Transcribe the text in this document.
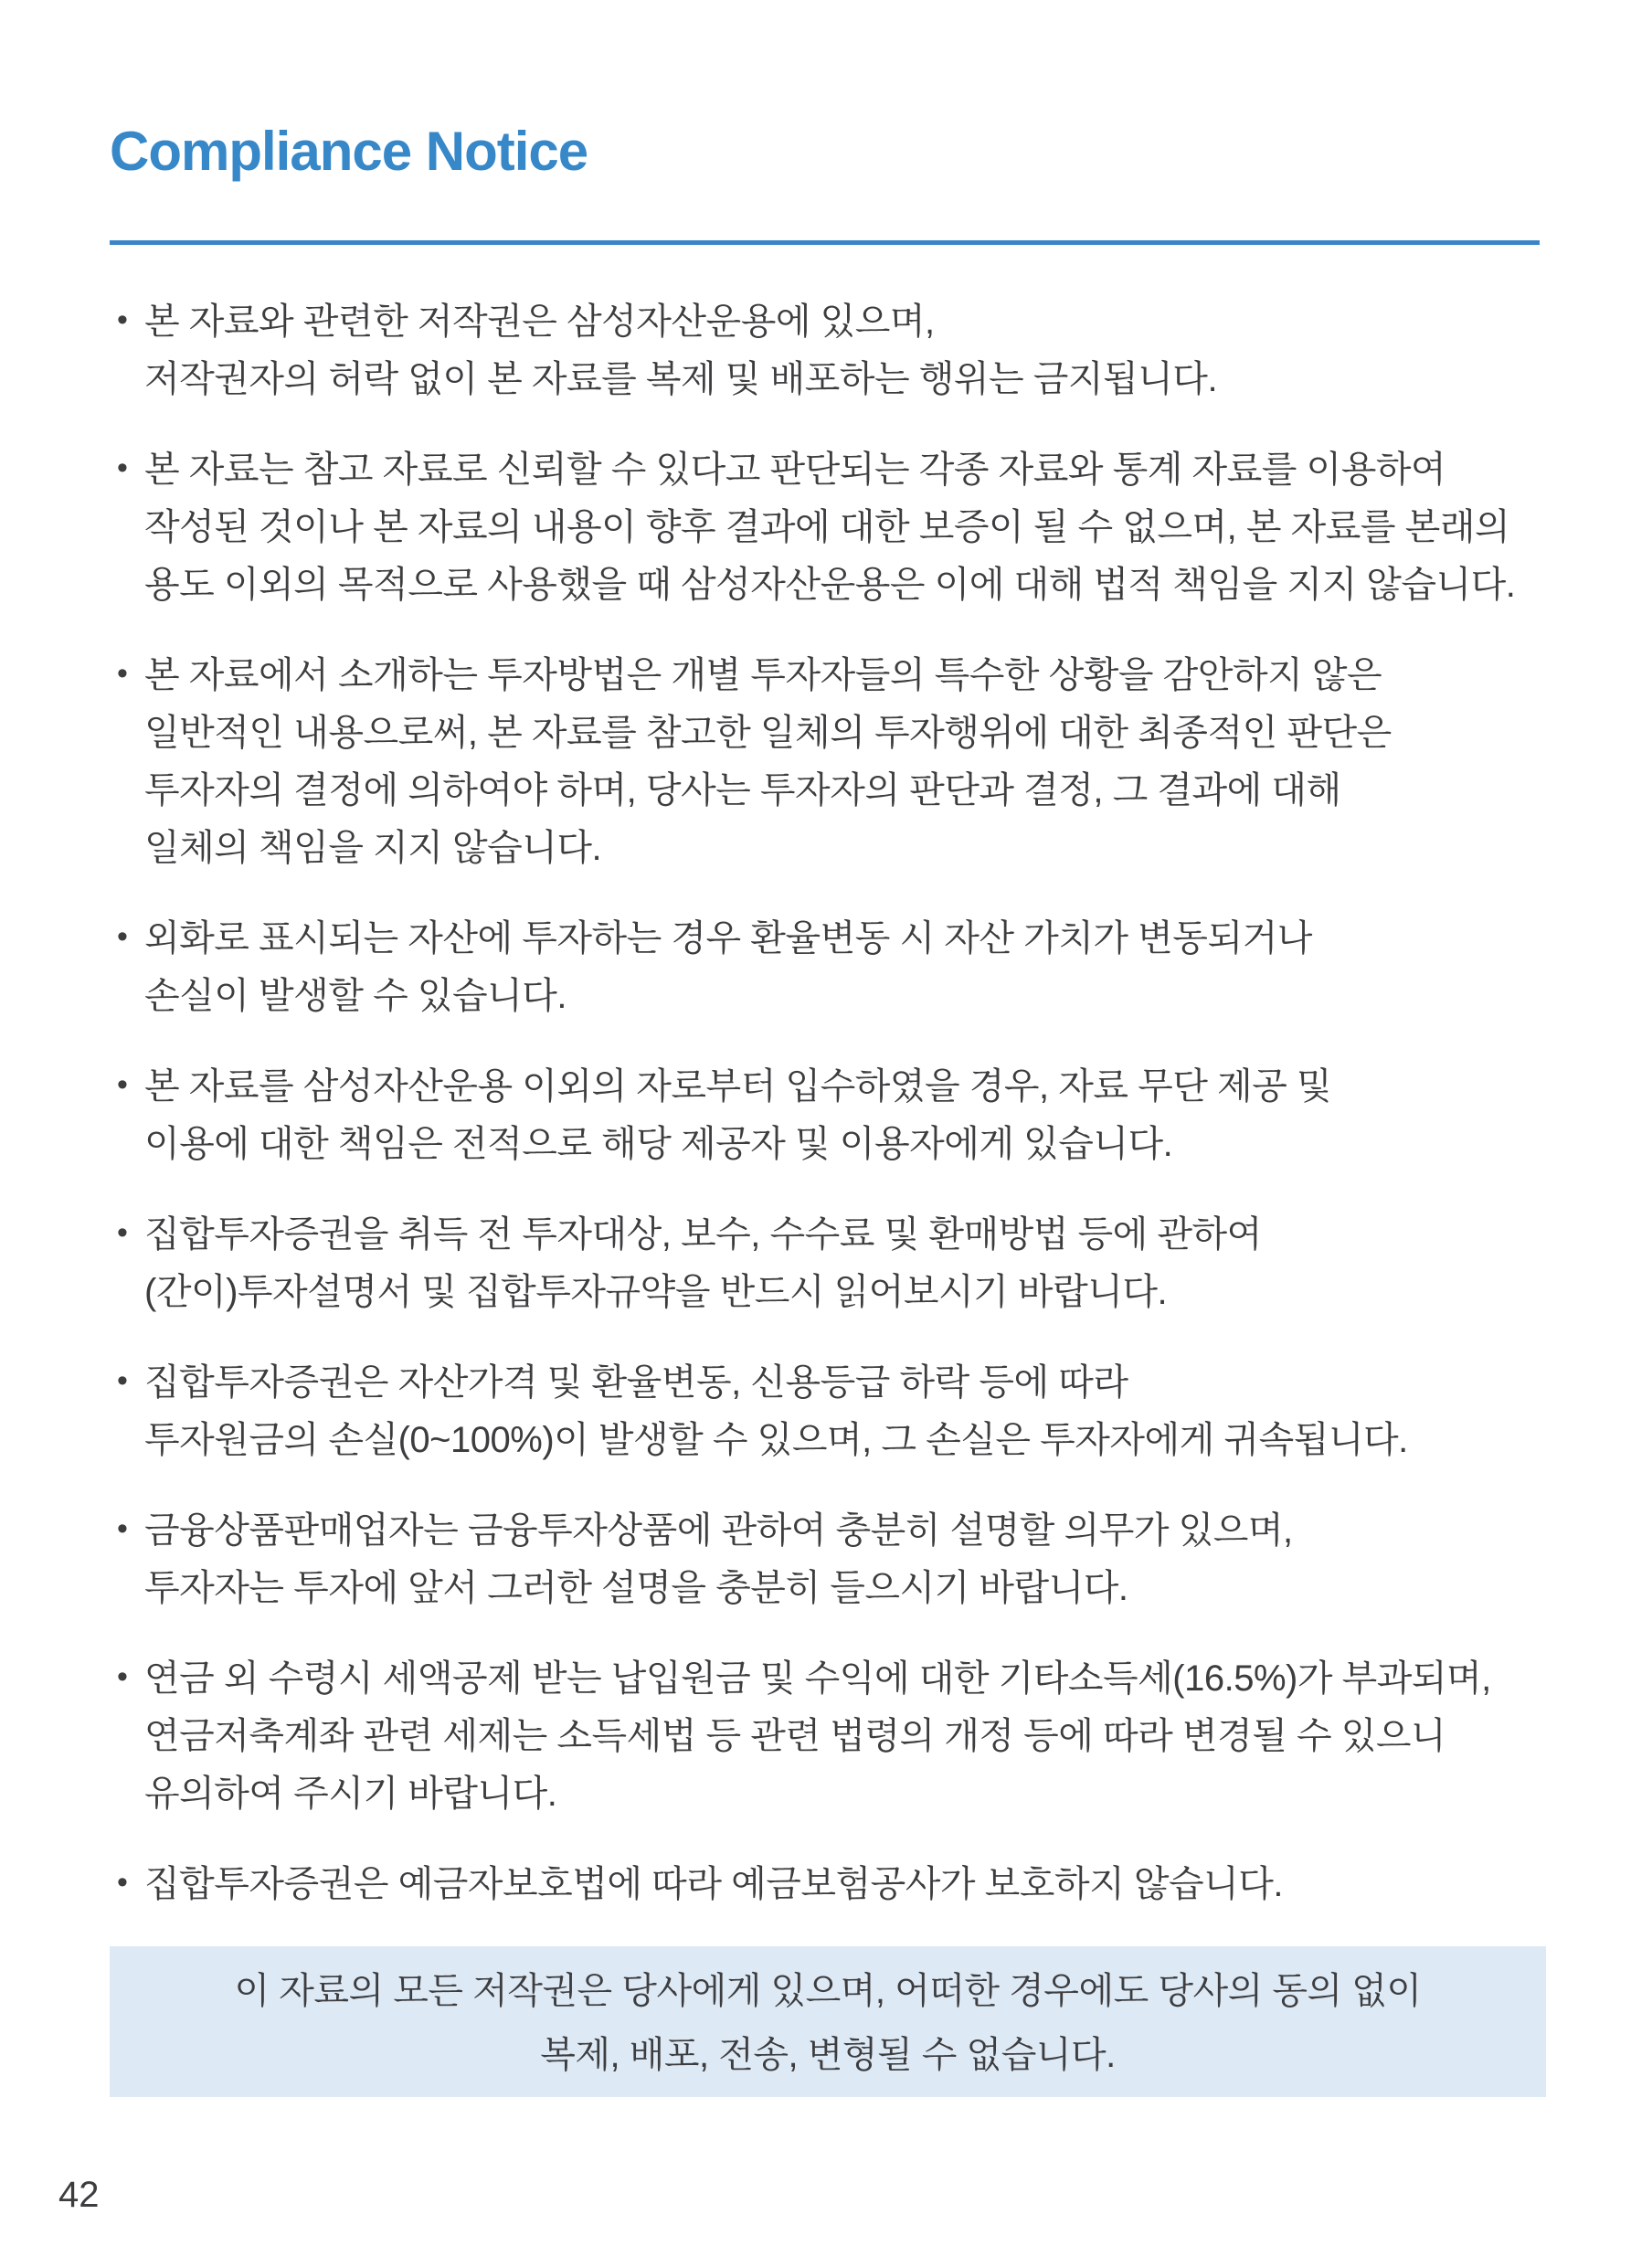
Compliance Notice
• 본 자료와 관련한 저작권은 삼성자산운용에 있으며,
저작권자의 허락 없이 본 자료를 복제 및 배포하는 행위는 금지됩니다.
• 본 자료는 참고 자료로 신뢰할 수 있다고 판단되는 각종 자료와 통계 자료를 이용하여
작성된 것이나 본 자료의 내용이 향후 결과에 대한 보증이 될 수 없으며, 본 자료를 본래의
용도 이외의 목적으로 사용했을 때 삼성자산운용은 이에 대해 법적 책임을 지지 않습니다.
• 본 자료에서 소개하는 투자방법은 개별 투자자들의 특수한 상황을 감안하지 않은
일반적인 내용으로써, 본 자료를 참고한 일체의 투자행위에 대한 최종적인 판단은
투자자의 결정에 의하여야 하며, 당사는 투자자의 판단과 결정, 그 결과에 대해
일체의 책임을 지지 않습니다.
• 외화로 표시되는 자산에 투자하는 경우 환율변동 시 자산 가치가 변동되거나
손실이 발생할 수 있습니다.
• 본 자료를 삼성자산운용 이외의 자로부터 입수하였을 경우, 자료 무단 제공 및
이용에 대한 책임은 전적으로 해당 제공자 및 이용자에게 있습니다.
• 집합투자증권을 취득 전 투자대상, 보수, 수수료 및 환매방법 등에 관하여
(간이)투자설명서 및 집합투자규약을 반드시 읽어보시기 바랍니다.
• 집합투자증권은 자산가격 및 환율변동, 신용등급 하락 등에 따라
투자원금의 손실(0~100%)이 발생할 수 있으며, 그 손실은 투자자에게 귀속됩니다.
• 금융상품판매업자는 금융투자상품에 관하여 충분히 설명할 의무가 있으며,
투자자는 투자에 앞서 그러한 설명을 충분히 들으시기 바랍니다.
• 연금 외 수령시 세액공제 받는 납입원금 및 수익에 대한 기타소득세(16.5%)가 부과되며,
연금저축계좌 관련 세제는 소득세법 등 관련 법령의 개정 등에 따라 변경될 수 있으니
유의하여 주시기 바랍니다.
• 집합투자증권은 예금자보호법에 따라 예금보험공사가 보호하지 않습니다.
이 자료의 모든 저작권은 당사에게 있으며, 어떠한 경우에도 당사의 동의 없이
복제, 배포, 전송, 변형될 수 없습니다.
42
